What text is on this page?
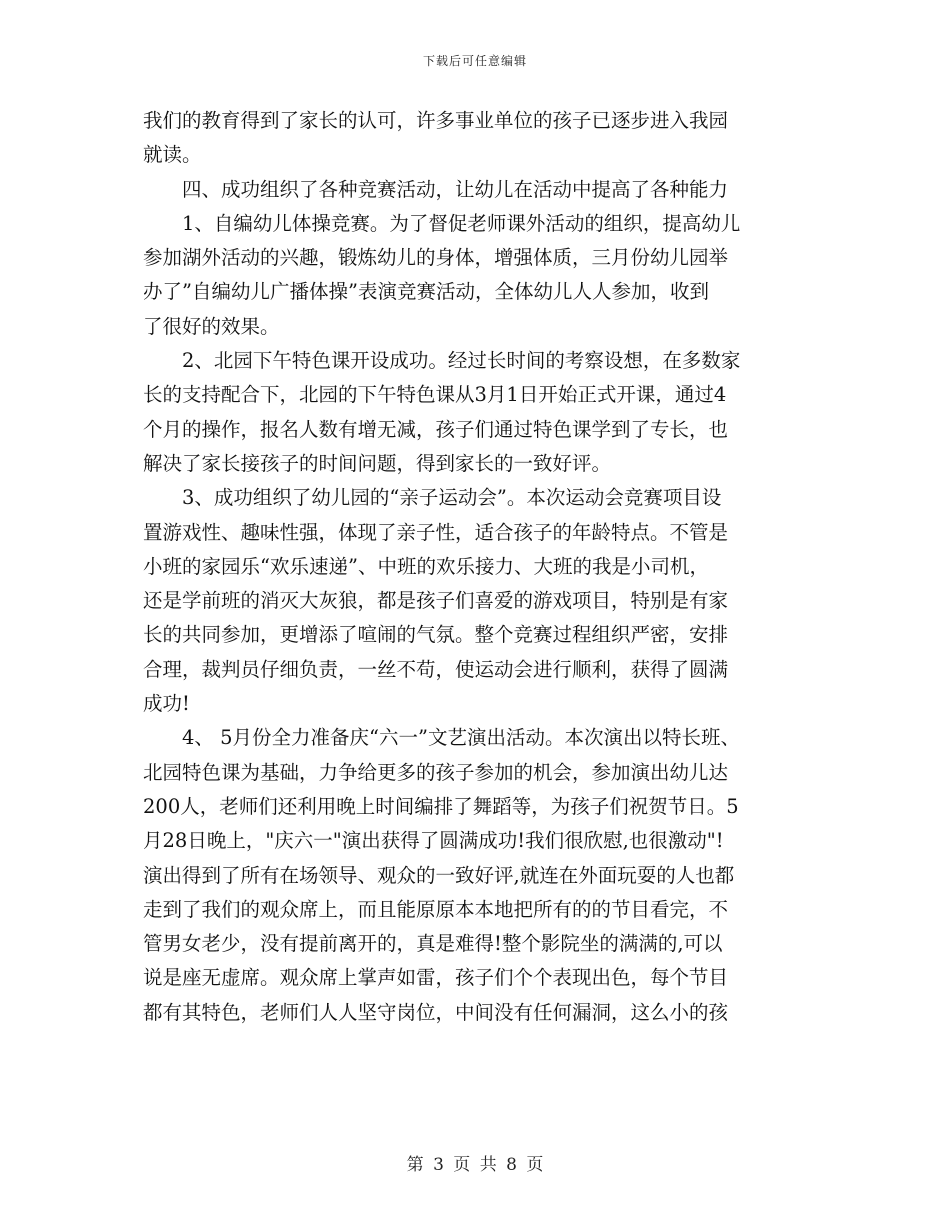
下载后可任意编辑
我们的教育得到了家长的认可，许多事业单位的孩子已逐步进入我园
就读。
　　四、成功组织了各种竞赛活动，让幼儿在活动中提高了各种能力
　　1、自编幼儿体操竞赛。为了督促老师课外活动的组织，提高幼儿
参加湖外活动的兴趣，锻炼幼儿的身体，增强体质，三月份幼儿园举
办了”自编幼儿广播体操”表演竞赛活动，全体幼儿人人参加，收到
了很好的效果。
　　2、北园下午特色课开设成功。经过长时间的考察设想，在多数家
长的支持配合下，北园的下午特色课从3月1日开始正式开课，通过4
个月的操作，报名人数有增无减，孩子们通过特色课学到了专长，也
解决了家长接孩子的时间问题，得到家长的一致好评。
　　3、成功组织了幼儿园的“亲子运动会”。本次运动会竞赛项目设
置游戏性、趣味性强，体现了亲子性，适合孩子的年龄特点。不管是
小班的家园乐“欢乐速递”、中班的欢乐接力、大班的我是小司机，
还是学前班的消灭大灰狼，都是孩子们喜爱的游戏项目，特别是有家
长的共同参加，更增添了喧闹的气氛。整个竞赛过程组织严密，安排
合理，裁判员仔细负责，一丝不苟，使运动会进行顺利，获得了圆满
成功!
　　4、 5月份全力准备庆“六一”文艺演出活动。本次演出以特长班、
北园特色课为基础，力争给更多的孩子参加的机会，参加演出幼儿达
200人，老师们还利用晚上时间编排了舞蹈等，为孩子们祝贺节日。5
月28日晚上，"庆六一"演出获得了圆满成功!我们很欣慰,也很激动"!
演出得到了所有在场领导、观众的一致好评,就连在外面玩耍的人也都
走到了我们的观众席上，而且能原原本本地把所有的的节目看完，不
管男女老少，没有提前离开的，真是难得!整个影院坐的满满的,可以
说是座无虚席。观众席上掌声如雷，孩子们个个表现出色，每个节目
都有其特色，老师们人人坚守岗位，中间没有任何漏洞，这么小的孩
第 3 页 共 8 页
